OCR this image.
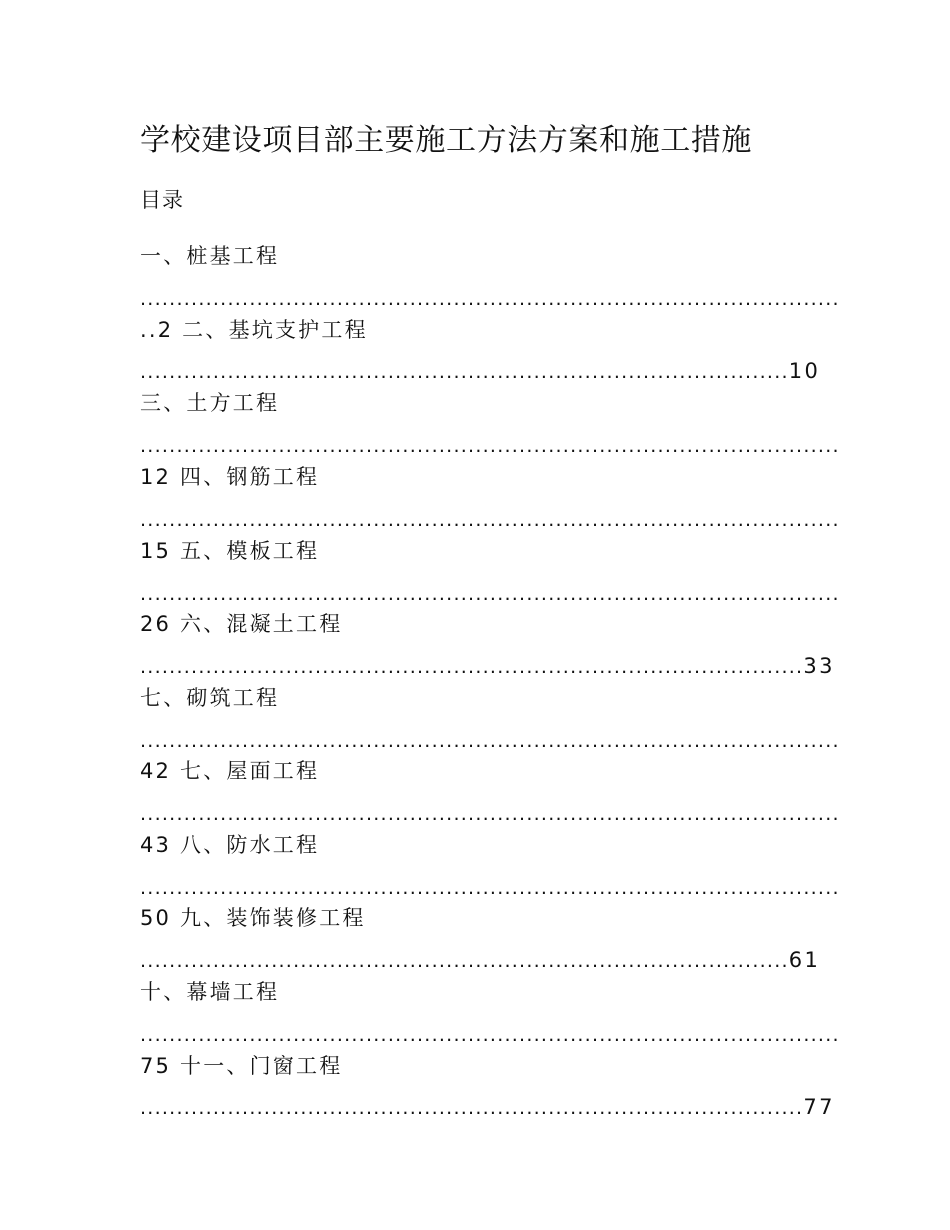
学校建设项目部主要施工方法方案和施工措施
目录
一、桩基工程
................................................................................................
..2 二、基坑支护工程
.........................................................................................10
三、土方工程
................................................................................................
12 四、钢筋工程
................................................................................................
15 五、模板工程
................................................................................................
26 六、混凝土工程
...........................................................................................33
七、砌筑工程
................................................................................................
42 七、屋面工程
................................................................................................
43 八、防水工程
................................................................................................
50 九、装饰装修工程
.........................................................................................61
十、幕墙工程
................................................................................................
75 十一、门窗工程
...........................................................................................77
